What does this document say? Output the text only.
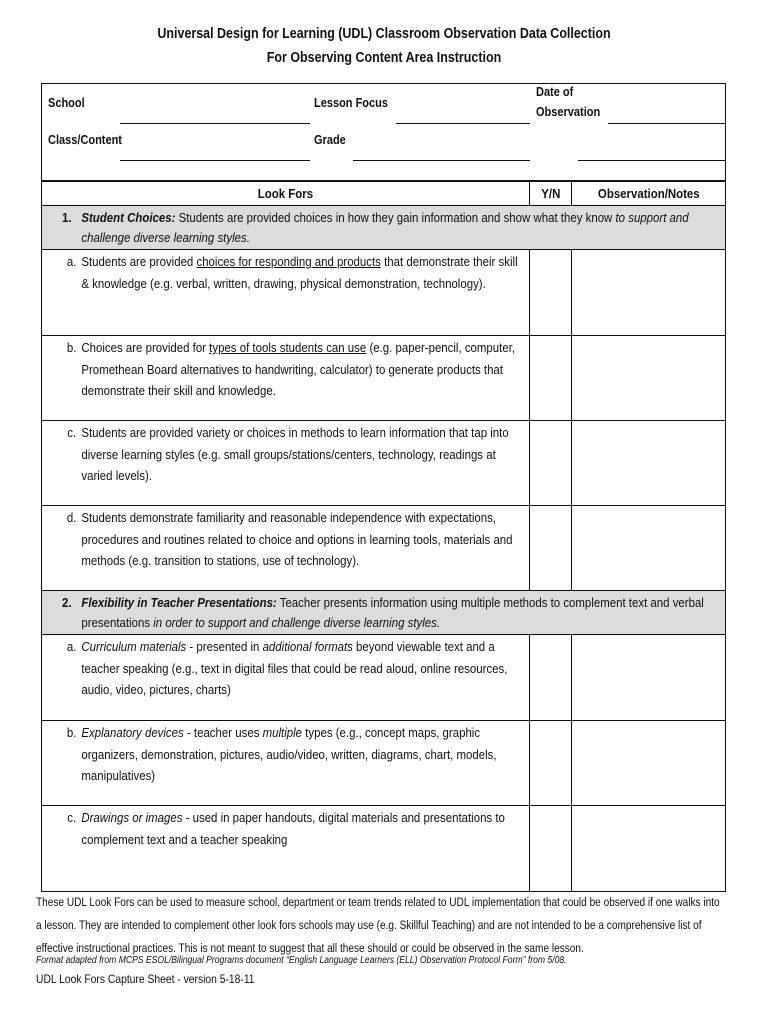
Universal Design for Learning (UDL) Classroom Observation Data Collection
For Observing Content Area Instruction
School	Lesson Focus
Date of
Observation
Class/Content	Grade
Look Fors	Y/N	Observation/Notes
1. Student Choices: Students are provided choices in how they gain information and show what they know to support and challenge diverse learning styles.
a. Students are provided choices for responding and products that demonstrate their skill & knowledge (e.g. verbal, written, drawing, physical demonstration, technology).
b. Choices are provided for types of tools students can use (e.g. paper-pencil, computer, Promethean Board alternatives to handwriting, calculator) to generate products that demonstrate their skill and knowledge.
c. Students are provided variety or choices in methods to learn information that tap into diverse learning styles (e.g. small groups/stations/centers, technology, readings at varied levels).
d. Students demonstrate familiarity and reasonable independence with expectations, procedures and routines related to choice and options in learning tools, materials and methods (e.g. transition to stations, use of technology).
2. Flexibility in Teacher Presentations: Teacher presents information using multiple methods to complement text and verbal presentations in order to support and challenge diverse learning styles.
a. Curriculum materials - presented in additional formats beyond viewable text and a teacher speaking (e.g., text in digital files that could be read aloud, online resources, audio, video, pictures, charts)
b. Explanatory devices - teacher uses multiple types (e.g., concept maps, graphic organizers, demonstration, pictures, audio/video, written, diagrams, chart, models, manipulatives)
c. Drawings or images - used in paper handouts, digital materials and presentations to complement text and a teacher speaking
These UDL Look Fors can be used to measure school, department or team trends related to UDL implementation that could be observed if one walks into a lesson. They are intended to complement other look fors schools may use (e.g. Skillful Teaching) and are not intended to be a comprehensive list of effective instructional practices. This is not meant to suggest that all these should or could be observed in the same lesson.
Format adapted from MCPS ESOL/Bilingual Programs document “English Language Learners (ELL) Observation Protocol Form” from 5/08.
UDL Look Fors Capture Sheet - version 5-18-11
